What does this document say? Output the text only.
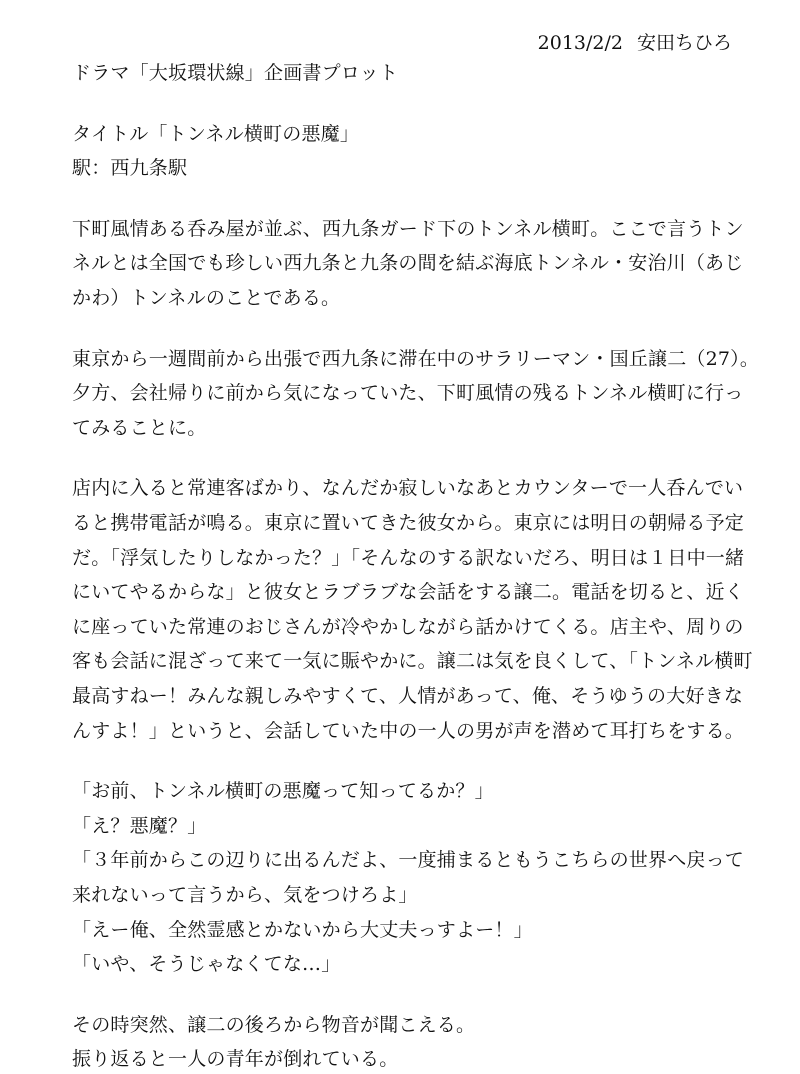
2013/2/2 安田ちひろ
ドラマ「大坂環状線」企画書プロット
タイトル「トンネル横町の悪魔」
駅：西九条駅
下町風情ある呑み屋が並ぶ、西九条ガード下のトンネル横町。ここで言うトン
ネルとは全国でも珍しい西九条と九条の間を結ぶ海底トンネル・安治川（あじ
かわ）トンネルのことである。
東京から一週間前から出張で西九条に滞在中のサラリーマン・国丘譲二（27）。
夕方、会社帰りに前から気になっていた、下町風情の残るトンネル横町に行っ
てみることに。
店内に入ると常連客ばかり、なんだか寂しいなあとカウンターで一人呑んでい
ると携帯電話が鳴る。東京に置いてきた彼女から。東京には明日の朝帰る予定
だ。「浮気したりしなかった？」「そんなのする訳ないだろ、明日は１日中一緒
にいてやるからな」と彼女とラブラブな会話をする譲二。電話を切ると、近く
に座っていた常連のおじさんが冷やかしながら話かけてくる。店主や、周りの
客も会話に混ざって来て一気に賑やかに。譲二は気を良くして、「トンネル横町
最高すねー！みんな親しみやすくて、人情があって、俺、そうゆうの大好きな
んすよ！」というと、会話していた中の一人の男が声を潜めて耳打ちをする。
「お前、トンネル横町の悪魔って知ってるか？」
「え？悪魔？」
「３年前からこの辺りに出るんだよ、一度捕まるともうこちらの世界へ戻って
来れないって言うから、気をつけろよ」
「えー俺、全然霊感とかないから大丈夫っすよー！」
「いや、そうじゃなくてな…」
その時突然、譲二の後ろから物音が聞こえる。
振り返ると一人の青年が倒れている。
